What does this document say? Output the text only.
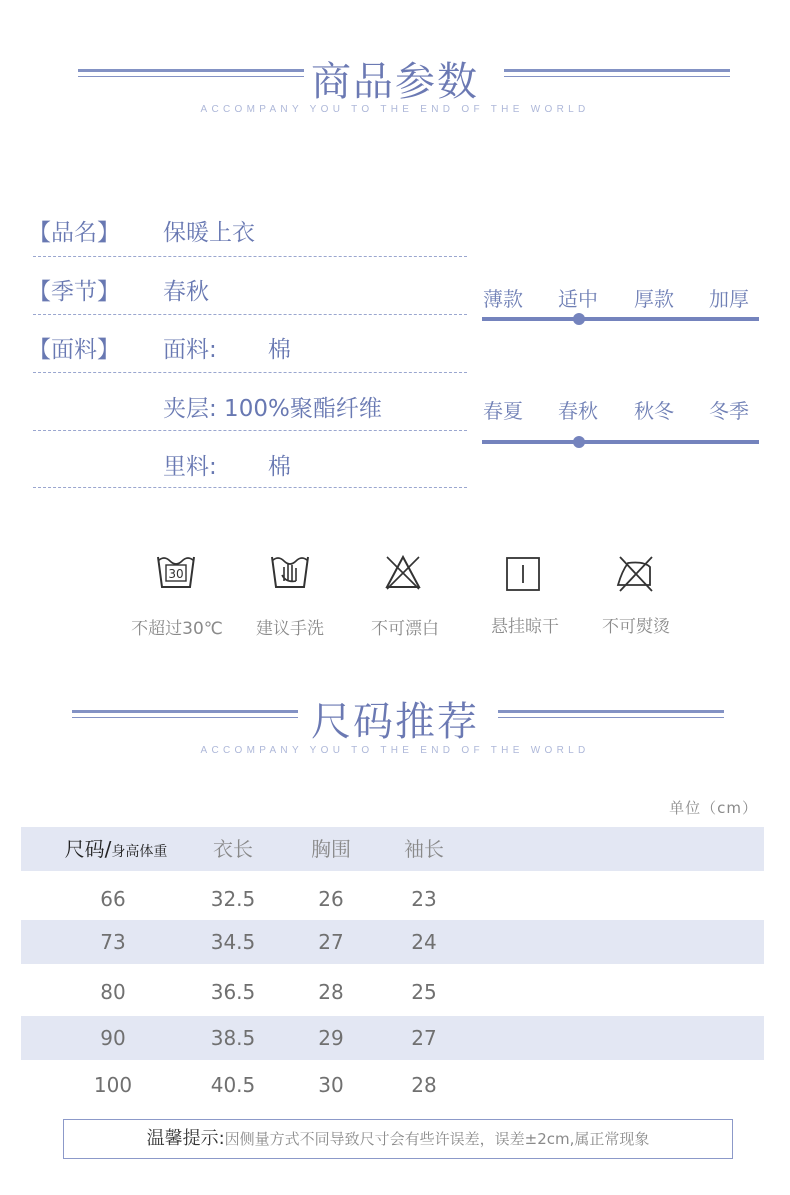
商品参数
ACCOMPANY YOU TO THE END OF THE WORLD
【品名】 保暖上衣
【季节】 春秋
【面料】 面料:       棉
夹层: 100%聚酯纤维
里料:       棉
薄款 适中 厚款 加厚
春夏 春秋 秋冬 冬季
30
不超过30℃	建议手洗	不可漂白	悬挂晾干	不可熨烫
尺码推荐
ACCOMPANY YOU TO THE END OF THE WORLD
单位（cm）
尺码/身高体重	衣长	胸围	袖长
66	32.5	26	23
73	34.5	27	24
80	36.5	28	25
90	38.5	29	27
100	40.5	30	28
温馨提示:因侧量方式不同导致尺寸会有些许误差，误差±2cm,属正常现象
